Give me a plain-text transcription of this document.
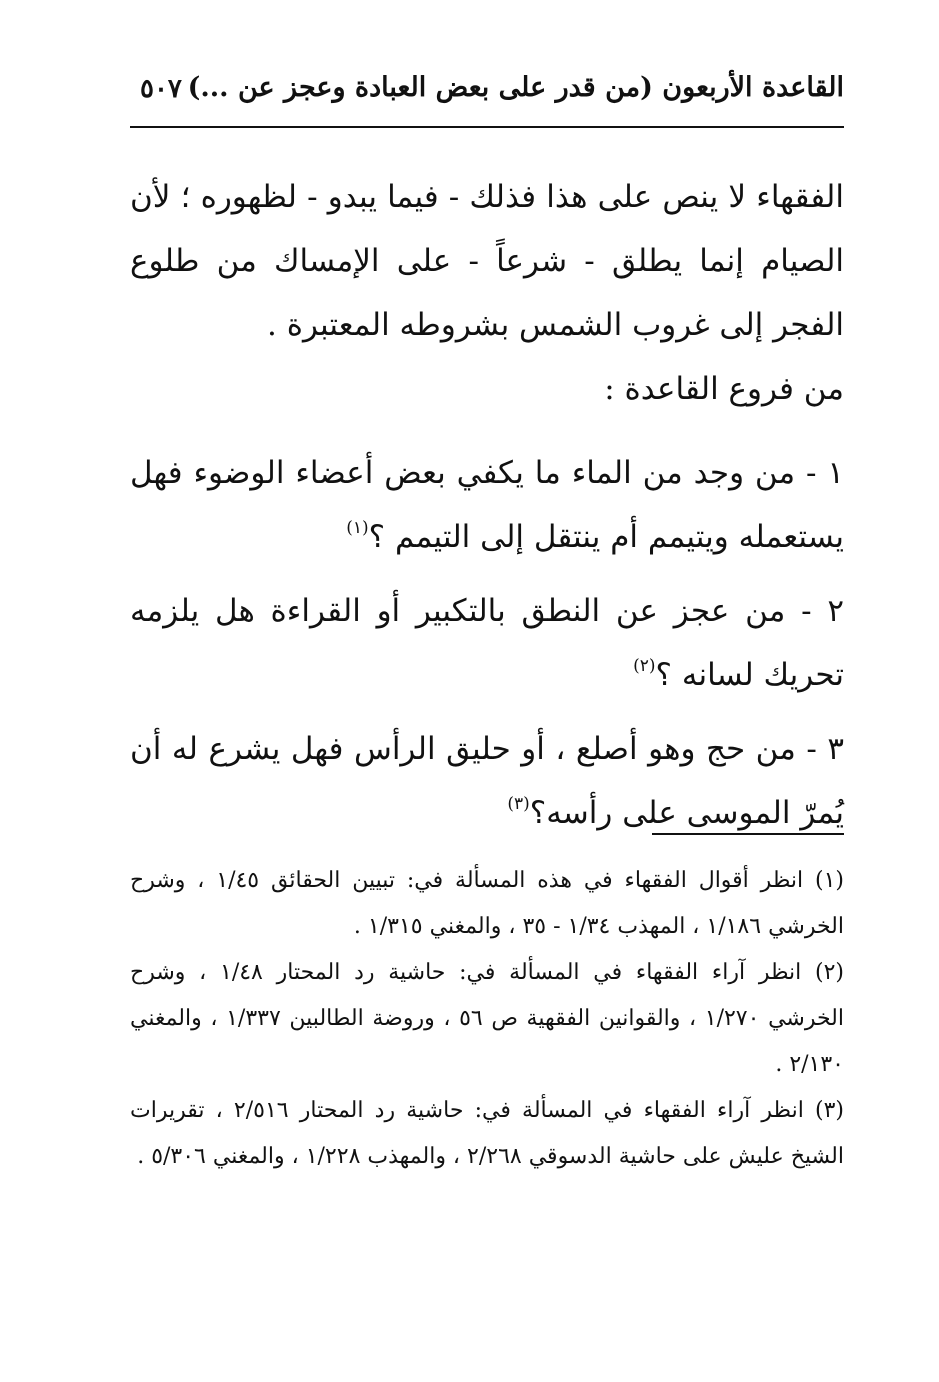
القاعدة الأربعون (من قدر على بعض العبادة وعجز عن ...)
٥٠٧

الفقهاء لا ينص على هذا فذلك - فيما يبدو - لظهوره ؛ لأن الصيام إنما يطلق - شرعاً - على الإمساك من طلوع الفجر إلى غروب الشمس بشروطه المعتبرة .

من فروع القاعدة :

١ - من وجد من الماء ما يكفي بعض أعضاء الوضوء فهل يستعمله ويتيمم أم ينتقل إلى التيمم ؟$^{(١)}$

٢ - من عجز عن النطق بالتكبير أو القراءة هل يلزمه تحريك لسانه ؟$^{(٢)}$

٣ - من حج وهو أصلع ، أو حليق الرأس فهل يشرع له أن يُمرّ الموسى على رأسه؟$^{(٣)}$

(١) انظر أقوال الفقهاء في هذه المسألة في: تبيين الحقائق ١/٤٥ ، وشرح الخرشي ١/١٨٦ ، المهذب ١/٣٤ - ٣٥ ، والمغني ١/٣١٥ .

(٢) انظر آراء الفقهاء في المسألة في: حاشية رد المحتار ١/٤٨ ، وشرح الخرشي ١/٢٧٠ ، والقوانين الفقهية ص ٥٦ ، وروضة الطالبين ١/٣٣٧ ، والمغني ٢/١٣٠ .

(٣) انظر آراء الفقهاء في المسألة في: حاشية رد المحتار ٢/٥١٦ ، تقريرات الشيخ عليش على حاشية الدسوقي ٢/٢٦٨ ، والمهذب ١/٢٢٨ ، والمغني ٥/٣٠٦ .
